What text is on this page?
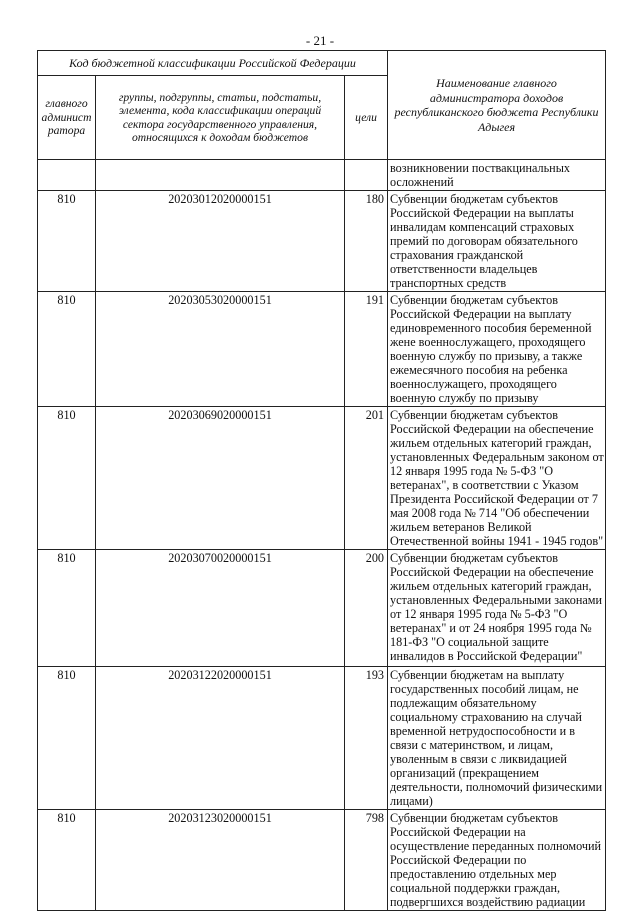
- 21 -
Код бюджетной классификации Российской Федерации			Наименование главного администратора доходов республиканского бюджета Республики Адыгея
главного админист ратора	группы, подгруппы, статьи, подстатьи, элемента, кода классификации операций сектора государственного управления, относящихся к доходам бюджетов	цели	
			возникновении поствакцинальных осложнений
810	20203012020000151	180	Субвенции бюджетам субъектов Российской Федерации на выплаты инвалидам компенсаций страховых премий по договорам обязательного страхования гражданской ответственности владельцев транспортных средств
810	20203053020000151	191	Субвенции бюджетам субъектов Российской Федерации на выплату единовременного пособия беременной жене военнослужащего, проходящего военную службу по призыву, а также ежемесячного пособия на ребенка военнослужащего, проходящего военную службу по призыву
810	20203069020000151	201	Субвенции бюджетам субъектов Российской Федерации на обеспечение жильем отдельных категорий граждан, установленных Федеральным законом от 12 января 1995 года № 5-ФЗ "О ветеранах", в соответствии с Указом Президента Российской Федерации от 7 мая 2008 года № 714 "Об обеспечении жильем ветеранов Великой Отечественной войны 1941 - 1945 годов"
810	20203070020000151	200	Субвенции бюджетам субъектов Российской Федерации на обеспечение жильем отдельных категорий граждан, установленных Федеральными законами от 12 января 1995 года № 5-ФЗ "О ветеранах" и от 24 ноября 1995 года № 181-ФЗ "О социальной защите инвалидов в Российской Федерации"
810	20203122020000151	193	Субвенции бюджетам на выплату государственных пособий лицам, не подлежащим обязательному социальному страхованию на случай временной нетрудоспособности и в связи с материнством, и лицам, уволенным в связи с ликвидацией организаций (прекращением деятельности, полномочий физическими лицами)
810	20203123020000151	798	Субвенции бюджетам субъектов Российской Федерации на осуществление переданных полномочий Российской Федерации по предоставлению отдельных мер социальной поддержки граждан, подвергшихся воздействию радиации
